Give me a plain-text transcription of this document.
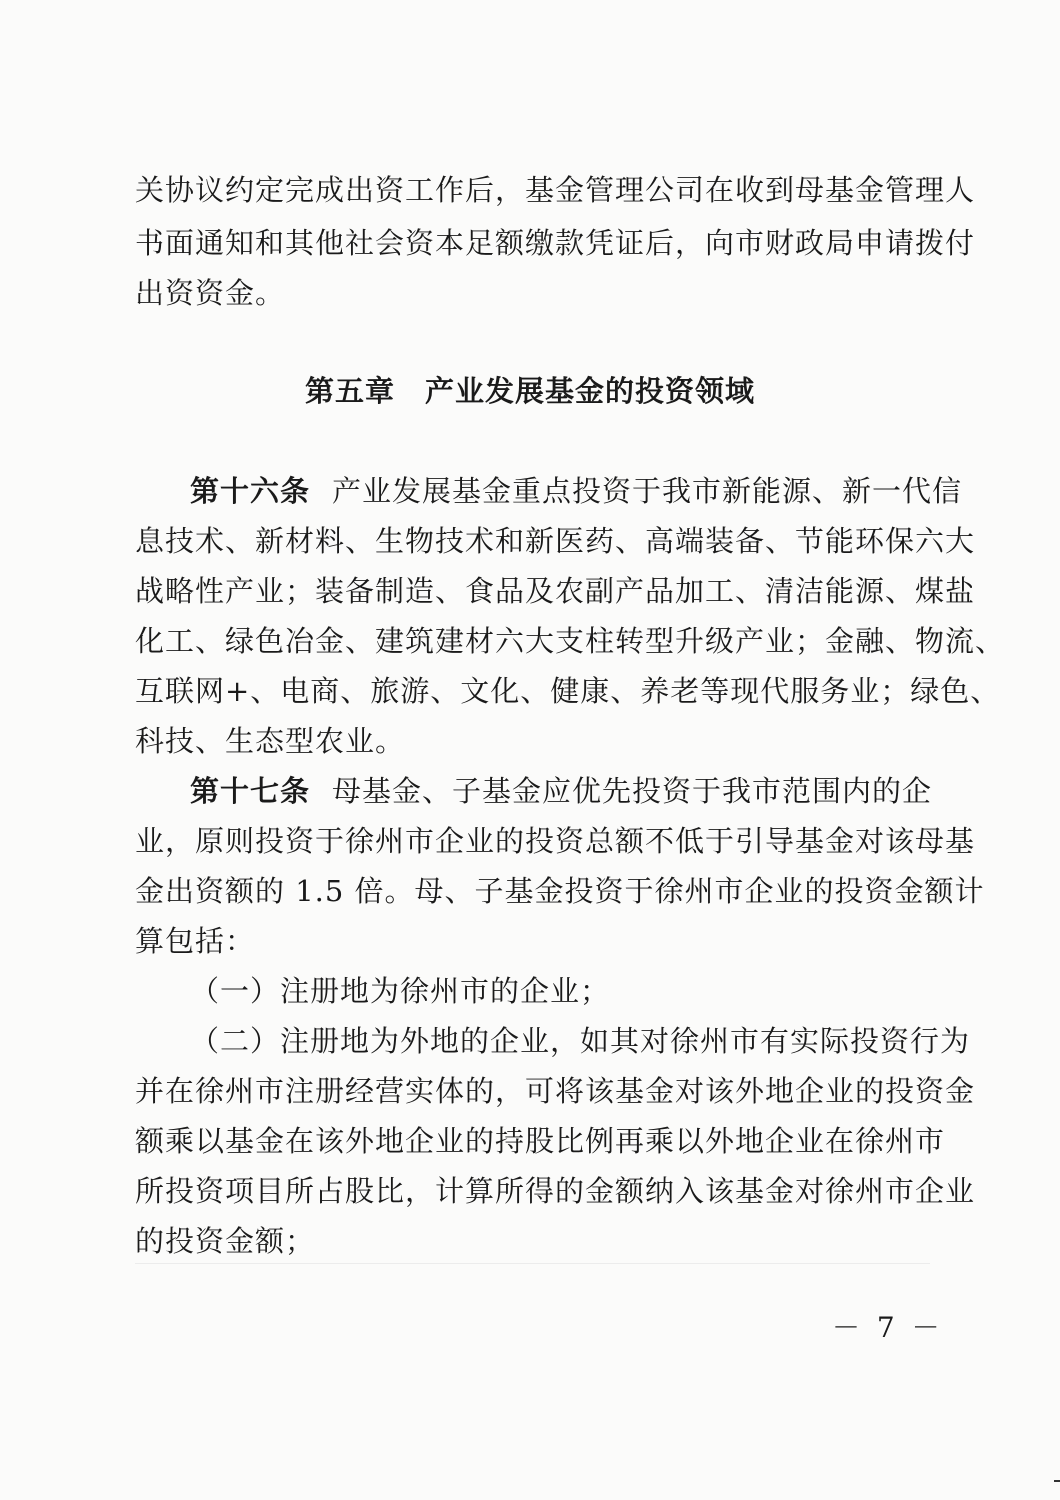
关协议约定完成出资工作后，基金管理公司在收到母基金管理人
书面通知和其他社会资本足额缴款凭证后，向市财政局申请拨付
出资资金。
第五章　产业发展基金的投资领域
第十六条 产业发展基金重点投资于我市新能源、新一代信
息技术、新材料、生物技术和新医药、高端装备、节能环保六大
战略性产业；装备制造、食品及农副产品加工、清洁能源、煤盐
化工、绿色冶金、建筑建材六大支柱转型升级产业；金融、物流、
互联网+、电商、旅游、文化、健康、养老等现代服务业；绿色、
科技、生态型农业。
第十七条 母基金、子基金应优先投资于我市范围内的企
业，原则投资于徐州市企业的投资总额不低于引导基金对该母基
金出资额的 1.5 倍。母、子基金投资于徐州市企业的投资金额计
算包括：
（一）注册地为徐州市的企业；
（二）注册地为外地的企业，如其对徐州市有实际投资行为
并在徐州市注册经营实体的，可将该基金对该外地企业的投资金
额乘以基金在该外地企业的持股比例再乘以外地企业在徐州市
所投资项目所占股比，计算所得的金额纳入该基金对徐州市企业
的投资金额；
－ 7 －
